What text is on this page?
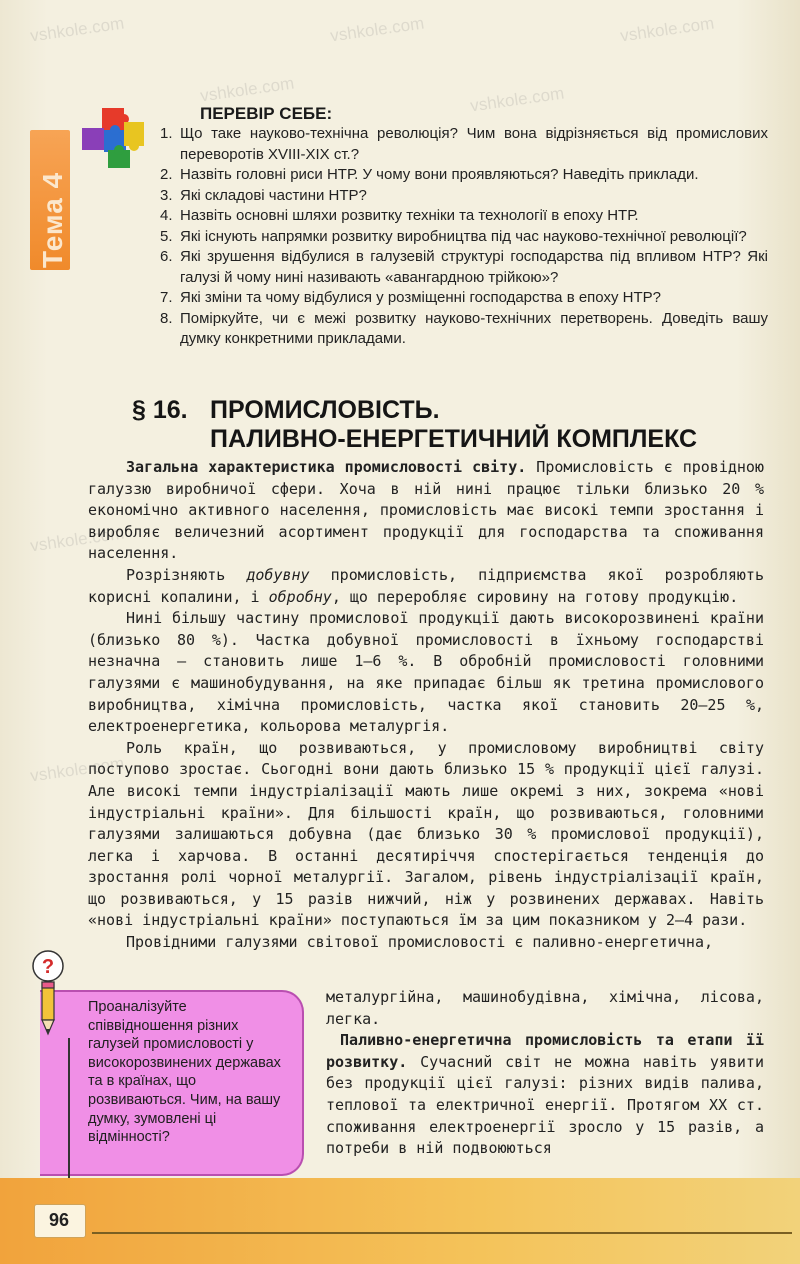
Тема 4
ПЕРЕВІР СЕБЕ:
1. Що таке науково-технічна революція? Чим вона відрізняється від промислових переворотів XVIII-XIX ст.?
2. Назвіть головні риси НТР. У чому вони проявляються? Наведіть приклади.
3. Які складові частини НТР?
4. Назвіть основні шляхи розвитку техніки та технології в епоху НТР.
5. Які існують напрямки розвитку виробництва під час науково-технічної революції?
6. Які зрушення відбулися в галузевій структурі господарства під впливом НТР? Які галузі й чому нині називають «авангардною трійкою»?
7. Які зміни та чому відбулися у розміщенні господарства в епоху НТР?
8. Поміркуйте, чи є межі розвитку науково-технічних перетворень. Доведіть вашу думку конкретними прикладами.
§ 16. ПРОМИСЛОВІСТЬ.
ПАЛИВНО-ЕНЕРГЕТИЧНИЙ КОМПЛЕКС

Загальна характеристика промисловості світу. Промисловість є провідною галуззю виробничої сфери. Хоча в ній нині працює тільки близько 20 % економічно активного населення, промисловість має високі темпи зростання і виробляє величезний асортимент продукції для господарства та споживання населення.

Розрізняють добувну промисловість, підприємства якої розробляють корисні копалини, і обробну, що переробляє сировину на готову продукцію.

Нині більшу частину промислової продукції дають високорозвинені країни (близько 80 %). Частка добувної промисловості в їхньому господарстві незначна — становить лише 1–6 %. В обробній промисловості головними галузями є машинобудування, на яке припадає більш як третина промислового виробництва, хімічна промисловість, частка якої становить 20–25 %, електроенергетика, кольорова металургія.

Роль країн, що розвиваються, у промисловому виробництві світу поступово зростає. Сьогодні вони дають близько 15 % продукції цієї галузі. Але високі темпи індустріалізації мають лише окремі з них, зокрема «нові індустріальні країни». Для більшості країн, що розвиваються, головними галузями залишаються добувна (дає близько 30 % промислової продукції), легка і харчова. В останні десятиріччя спостерігається тенденція до зростання ролі чорної металургії. Загалом, рівень індустріалізації країн, що розвиваються, у 15 разів нижчий, ніж у розвинених державах. Навіть «нові індустріальні країни» поступаються їм за цим показником у 2–4 рази.

Провідними галузями світової промисловості є паливно-енергетична,

металургійна, машинобудівна, хімічна, лісова, легка.

Паливно-енергетична промисловість та етапи її розвитку. Сучасний світ не можна навіть уявити без продукції цієї галузі: різних видів палива, теплової та електричної енергії. Протягом XX ст. споживання електроенергії зросло у 15 разів, а потреби в ній подвоюються

?
Проаналізуйте співвідношення різних галузей промисловості у високорозвинених державах та в країнах, що розвиваються. Чим, на вашу думку, зумовлені ці відмінності?
96
